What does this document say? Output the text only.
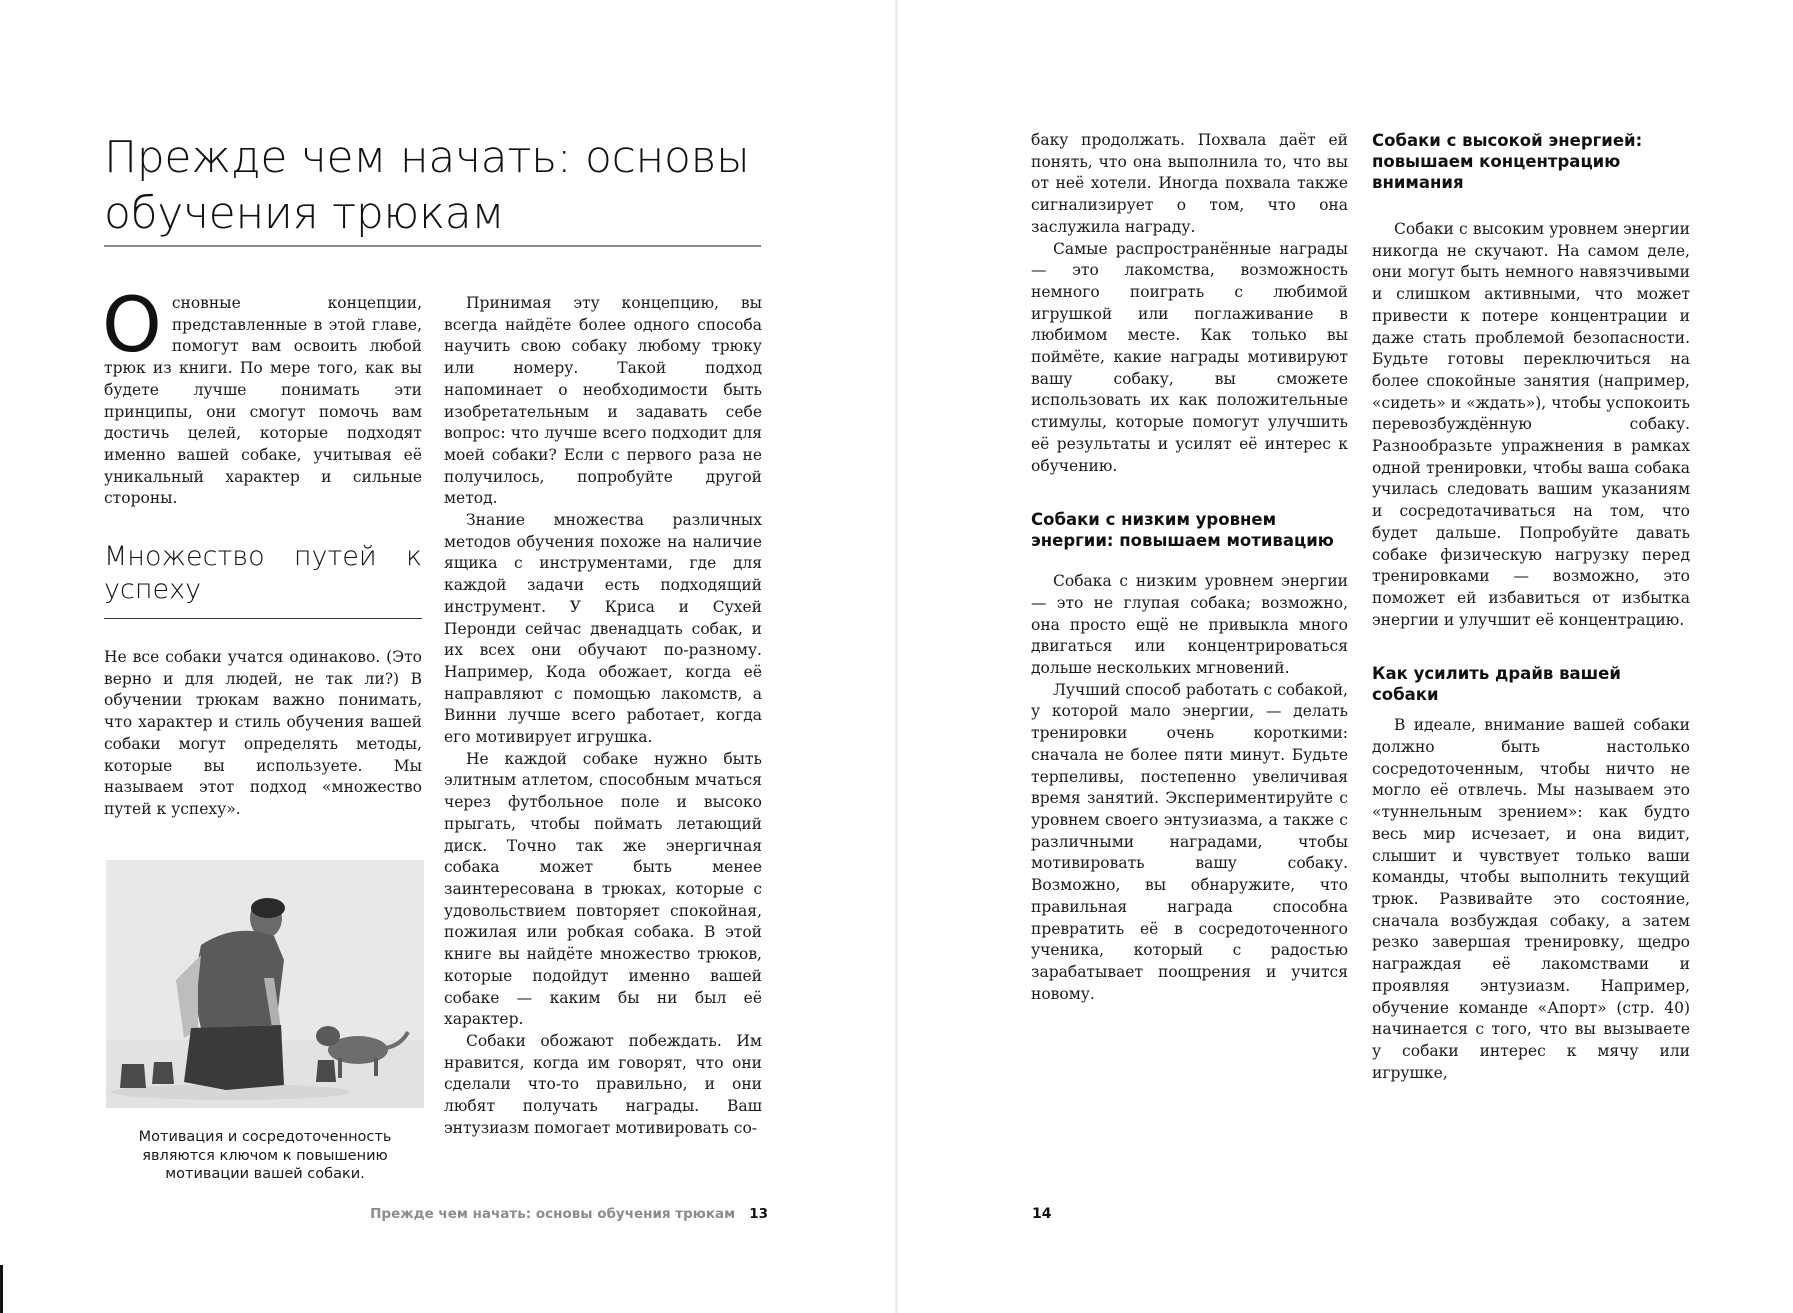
Прежде чем начать: основы обучения трюкам

Основные концепции, представленные в этой главе, помогут вам освоить любой трюк из книги. По мере того, как вы будете лучше понимать эти принципы, они смогут помочь вам достичь целей, которые подходят именно вашей собаке, учитывая её уникальный характер и сильные стороны.

Множество путей к успеху

Не все собаки учатся одинаково. (Это верно и для людей, не так ли?) В обучении трюкам важно понимать, что характер и стиль обучения вашей собаки могут определять методы, которые вы используете. Мы называем этот подход «множество путей к успеху».

Мотивация и сосредоточенность являются ключом к повышению мотивации вашей собаки.

Принимая эту концепцию, вы всегда найдёте более одного способа научить свою собаку любому трюку или номеру. Такой подход напоминает о необходимости быть изобретательным и задавать себе вопрос: что лучше всего подходит для моей собаки? Если с первого раза не получилось, попробуйте другой метод.

Знание множества различных методов обучения похоже на наличие ящика с инструментами, где для каждой задачи есть подходящий инструмент. У Криса и Сухей Перонди сейчас двенадцать собак, и их всех они обучают по-разному. Например, Кода обожает, когда её направляют с помощью лакомств, а Винни лучше всего работает, когда его мотивирует игрушка.

Не каждой собаке нужно быть элитным атлетом, способным мчаться через футбольное поле и высоко прыгать, чтобы поймать летающий диск. Точно так же энергичная собака может быть менее заинтересована в трюках, которые с удовольствием повторяет спокойная, пожилая или робкая собака. В этой книге вы найдёте множество трюков, которые подойдут именно вашей собаке — каким бы ни был её характер.

Собаки обожают побеждать. Им нравится, когда им говорят, что они сделали что-то правильно, и они любят получать награды. Ваш энтузиазм помогает мотивировать со-

Прежде чем начать: основы обучения трюкам 13

баку продолжать. Похвала даёт ей понять, что она выполнила то, что вы от неё хотели. Иногда похвала также сигнализирует о том, что она заслужила награду.

Самые распространённые награды — это лакомства, возможность немного поиграть с любимой игрушкой или поглаживание в любимом месте. Как только вы поймёте, какие награды мотивируют вашу собаку, вы сможете использовать их как положительные стимулы, которые помогут улучшить её результаты и усилят её интерес к обучению.

Собаки с низким уровнем энергии: повышаем мотивацию

Собака с низким уровнем энергии — это не глупая собака; возможно, она просто ещё не привыкла много двигаться или концентрироваться дольше нескольких мгновений.

Лучший способ работать с собакой, у которой мало энергии, — делать тренировки очень короткими: сначала не более пяти минут. Будьте терпеливы, постепенно увеличивая время занятий. Экспериментируйте с уровнем своего энтузиазма, а также с различными наградами, чтобы мотивировать вашу собаку. Возможно, вы обнаружите, что правильная награда способна превратить её в сосредоточенного ученика, который с радостью зарабатывает поощрения и учится новому.

Собаки с высокой энергией: повышаем концентрацию внимания

Собаки с высоким уровнем энергии никогда не скучают. На самом деле, они могут быть немного навязчивыми и слишком активными, что может привести к потере концентрации и даже стать проблемой безопасности. Будьте готовы переключиться на более спокойные занятия (например, «сидеть» и «ждать»), чтобы успокоить перевозбуждённую собаку. Разнообразьте упражнения в рамках одной тренировки, чтобы ваша собака училась следовать вашим указаниям и сосредотачиваться на том, что будет дальше. Попробуйте давать собаке физическую нагрузку перед тренировками — возможно, это поможет ей избавиться от избытка энергии и улучшит её концентрацию.

Как усилить драйв вашей собаки

В идеале, внимание вашей собаки должно быть настолько сосредоточенным, чтобы ничто не могло её отвлечь. Мы называем это «туннельным зрением»: как будто весь мир исчезает, и она видит, слышит и чувствует только ваши команды, чтобы выполнить текущий трюк. Развивайте это состояние, сначала возбуждая собаку, а затем резко завершая тренировку, щедро награждая её лакомствами и проявляя энтузиазм. Например, обучение команде «Апорт» (стр. 40) начинается с того, что вы вызываете у собаки интерес к мячу или игрушке,

14
